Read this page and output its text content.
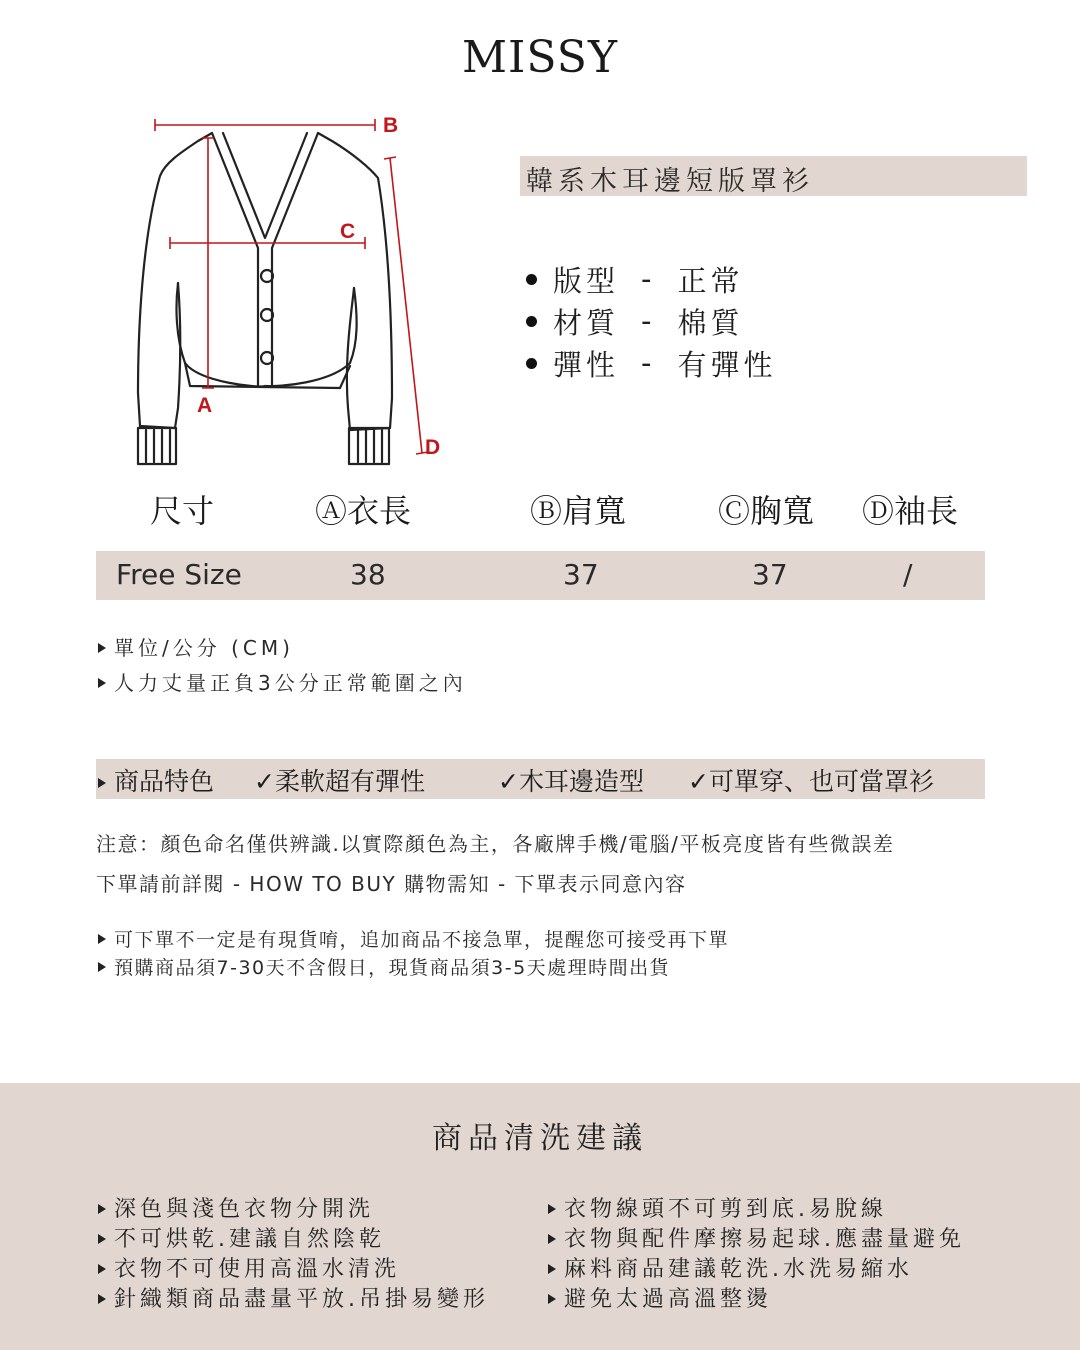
MISSY
B
C
A
D
韓系木耳邊短版罩衫
版型 - 正常
材質 - 棉質
彈性 - 有彈性
尺寸	Ⓐ衣長	Ⓑ肩寬	Ⓒ胸寬 Ⓓ袖長
Free Size	38	37	37	/
單位/公分 (CM)
人力丈量正負3公分正常範圍之內
商品特色 ✓柔軟超有彈性	✓木耳邊造型 ✓可單穿、也可當罩衫
注意：顏色命名僅供辨識.以實際顏色為主，各廠牌手機/電腦/平板亮度皆有些微誤差
下單請前詳閱 - HOW TO BUY 購物需知 - 下單表示同意內容
可下單不一定是有現貨唷，追加商品不接急單，提醒您可接受再下單
預購商品須7-30天不含假日，現貨商品須3-5天處理時間出貨
商品清洗建議
深色與淺色衣物分開洗
不可烘乾.建議自然陰乾
衣物不可使用高溫水清洗
針織類商品盡量平放.吊掛易變形
衣物線頭不可剪到底.易脫線
衣物與配件摩擦易起球.應盡量避免
麻料商品建議乾洗.水洗易縮水
避免太過高溫整燙
